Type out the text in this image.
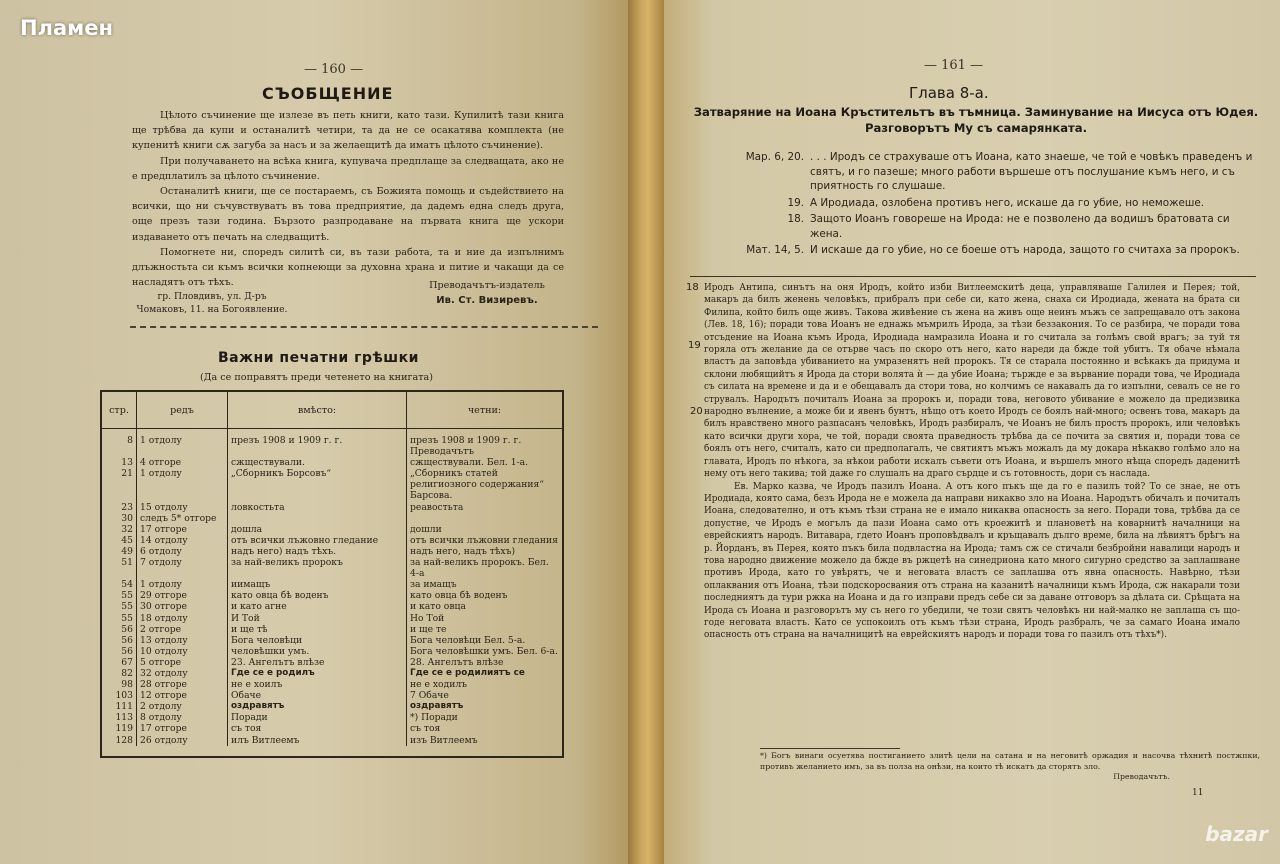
— 160 —
СЪОБЩЕНИЕ

Цѣлото съчинение ще излезе въ петь книги, като тази. Купилитѣ тази книга ще трѣбва да купи и останалитѣ четири, та да не се осакатява комплекта (не купенитѣ книги сѫ загуба за насъ и за желаещитѣ да иматъ цѣлото съчинение).

При получаването на всѣка книга, купувача предплаще за следващата, ако не е предплатилъ за цѣлото съчинение.

Останалитѣ книги, ще се постараемъ, съ Божията помощь и съдействието на всички, що ни съчувствуватъ въ това предприятие, да дадемъ една следъ друга, още презъ тази година. Бързото разпродаване на първата книга ще ускори издаването отъ печать на следващитѣ.

Помогнете ни, споредъ силитѣ си, въ тази работа, та и ние да изпълнимъ длъжностьта си къмъ всички копнеющи за духовна храна и питие и чакащи да се насладятъ отъ тѣхъ.

гр. Пловдивъ, ул. Д-ръ Чомаковъ, 11. на Богоявление.
Преводачътъ-издатель
Ив. Ст. Визиревъ.
Важни печатни грѣшки
(Да се поправятъ преди четенето на книгата)
стр.	редъ	вмѣсто:	четни:

8	1 отдолу	презъ 1908 и 1909 г. г.	презъ 1908 и 1909 г. г. Преводачътъ
13	4 отгоре	сжществували.	сжществували. Бел. 1-а.
21	1 отдолу	„Сборникъ Борсовъ“	„Сборникъ статей религиозного содержания“ Барсова.
23	15 отдолу	ловкостьта	реавостьта
30	следъ 5* отгоре		
32	17 отгоре	дошла	дошли
45	14 отдолу	отъ всички лъжовно гледание	отъ всички лъжовни гледания
49	6 отдолу	надъ него) надъ тѣхъ.	надъ него, надъ тѣхъ)
51	7 отдолу	за най-великъ пророкъ	за най-великъ пророкъ. Бел. 4-а
54	1 отдолу	иимащъ	за имащъ
55	29 отгоре	като овца бѣ воденъ	като овца бѣ воденъ
55	30 отгоре	и като агне	и като овца
55	18 отдолу	И Той	Но Той
56	2 отгоре	и ще тѣ	и ще те
56	13 отдолу	Бога человѣци	Бога человѣци Бел. 5-а.
56	10 отдолу	человѣшки умъ.	Бога человѣшки умъ. Бел. 6-а.
67	5 отгоре	23. Ангелътъ влѣзе	28. Ангелътъ влѣзе
82	32 отдолу	Где се е родилъ	Где се е родилиятъ се
98	28 отгоре	не е хоилъ	не е ходилъ
103	12 отгоре	Обаче	7 Обаче
111	2 отдолу	оздравятъ	оздравятъ
113	8 отдолу	Поради	*) Поради
119	17 отгоре	съ тоя	съ тоя
128	26 отдолу	илъ Витлеемъ	изъ Витлеемъ
— 161 —
Глава 8-а.
Затваряние на Иоана Кръстительтъ въ тъмница. Заминувание на Иисуса отъ Юдея. Разговорътъ Му съ самарянката.
Мар. 6, 20. . . . Иродъ се страхуваше отъ Иоана, като знаеше, че той е човѣкъ праведенъ и святъ, и го пазеше; много работи вършеше отъ послушание къмъ него, и съ приятность го слушаше.
19. А Иродиада, озлобена противъ него, искаше да го убие, но неможеше.
18. Защото Иоанъ говореше на Ирода: не е позволено да водишъ братовата си жена.
Мат. 14, 5. И искаше да го убие, но се боеше отъ народа, защото го считаха за пророкъ.
18
19
20

Иродъ Антипа, синътъ на оня Иродъ, който изби Витлеемскитѣ деца, управляваше Галилея и Перея; той, макаръ да билъ женень человѣкъ, прибралъ при себе си, като жена, снаха си Иродиада, жената на брата си Филипа, който билъ още живъ. Такова живѣение съ жена на живъ още неинъ мъжъ се запрещавало отъ закона (Лев. 18, 16); поради това Иоанъ не еднажь мъмрилъ Ирода, за тѣзи беззакония. То се разбира, че поради това отсъдение на Иоана къмъ Ирода, Иродиада намразила Иоана и го считала за голѣмъ свой врагъ; за туй тя горяла отъ желание да се отърве часъ по скоро отъ него, като нареди да бжде той убитъ. Тя обаче нѣмала властъ да заповѣда убиванието на умразенятъ ней пророкъ. Тя се старала постоянно и всѣкакъ да придума и склони любящийтъ я Ирода да стори волята ѝ — да убие Иоана; тържде е за вървание поради това, че Иродиада съ силата на времене и да и е обещавалъ да стори това, но колчимъ се накавалъ да го изпълни, севалъ се не го струвалъ. Народътъ почиталъ Иоана за пророкъ и, поради това, неговото убивание е можело да предизвика народно вълнение, а може би и явенъ бунтъ, нѣщо отъ което Иродъ се боялъ най-много; освенъ това, макаръ да билъ нравствено много разпасанъ человѣкъ, Иродъ разбиралъ, че Иоанъ не билъ простъ пророкъ, или человѣкъ като всички други хора, че той, поради своята праведность трѣбва да се почита за святия и, поради това се боялъ отъ него, считалъ, като си предполагалъ, че святиятъ мъжъ можалъ да му докара нѣкакво голѣмо зло на главата, Иродъ по нѣкога, за нѣкои работи искалъ съвети отъ Иоана, и вършелъ много нѣща споредъ даденитѣ нему отъ него такива; той даже го слушалъ на драго сърдце и съ готовность, дори съ наслада.

Ев. Марко казва, че Иродъ пазилъ Иоана. А отъ кого пъкъ ще да го е пазилъ той? То се знае, не отъ Иродиада, която сама, безъ Ирода не е можела да направи никакво зло на Иоана. Народътъ обичалъ и почиталъ Иоана, следователно, и отъ къмъ тѣзи страна не е имало никаква опасность за него. Поради това, трѣбва да се допустне, че Иродъ е могълъ да пази Иоана само отъ кроежитѣ и плановетѣ на коварнитѣ началници на еврейскиятъ народъ. Витавара, гдето Иоанъ проповѣдвалъ и кръщавалъ дълго време, била на лѣвиятъ брѣгъ на р. Йорданъ, въ Перея, която пъкъ била подвластна на Ирода; тамъ сж се стичали безбройни навалици народъ и това народно движение можело да бжде въ ржцетѣ на синедриона като много сигурно средство за заплашване противъ Ирода, като го увѣрятъ, че и неговата властъ се заплашва отъ явна опасность. Навѣрно, тѣзи оплаквания отъ Иоана, тѣзи подскоросвания отъ страна на казанитѣ началници къмъ Ирода, сж накарали този последниятъ да тури ржка на Иоана и да го изправи предъ себе си за даване отговоръ за дѣлата си. Срѣщата на Ирода съ Иоана и разговорътъ му съ него го убедили, че този святъ человѣкъ ни най-малко не заплаша съ що-годе неговата властъ. Като се успокоилъ отъ къмъ тѣзи страна, Иродъ разбралъ, че за самаго Иоана имало опасность отъ страна на началницитѣ на еврейскиятъ народъ и поради това го пазилъ отъ тѣхъ*).

*) Богъ винаги осуетява постиганието злитѣ цели на сатана и на неговитѣ оржадия и насочва тѣхнитѣ постжпки, противъ желанието имъ, за въ полза на онѣзи, на които тѣ искатъ да сторятъ зло.
Преводачътъ.
11
Пламен
bazar
